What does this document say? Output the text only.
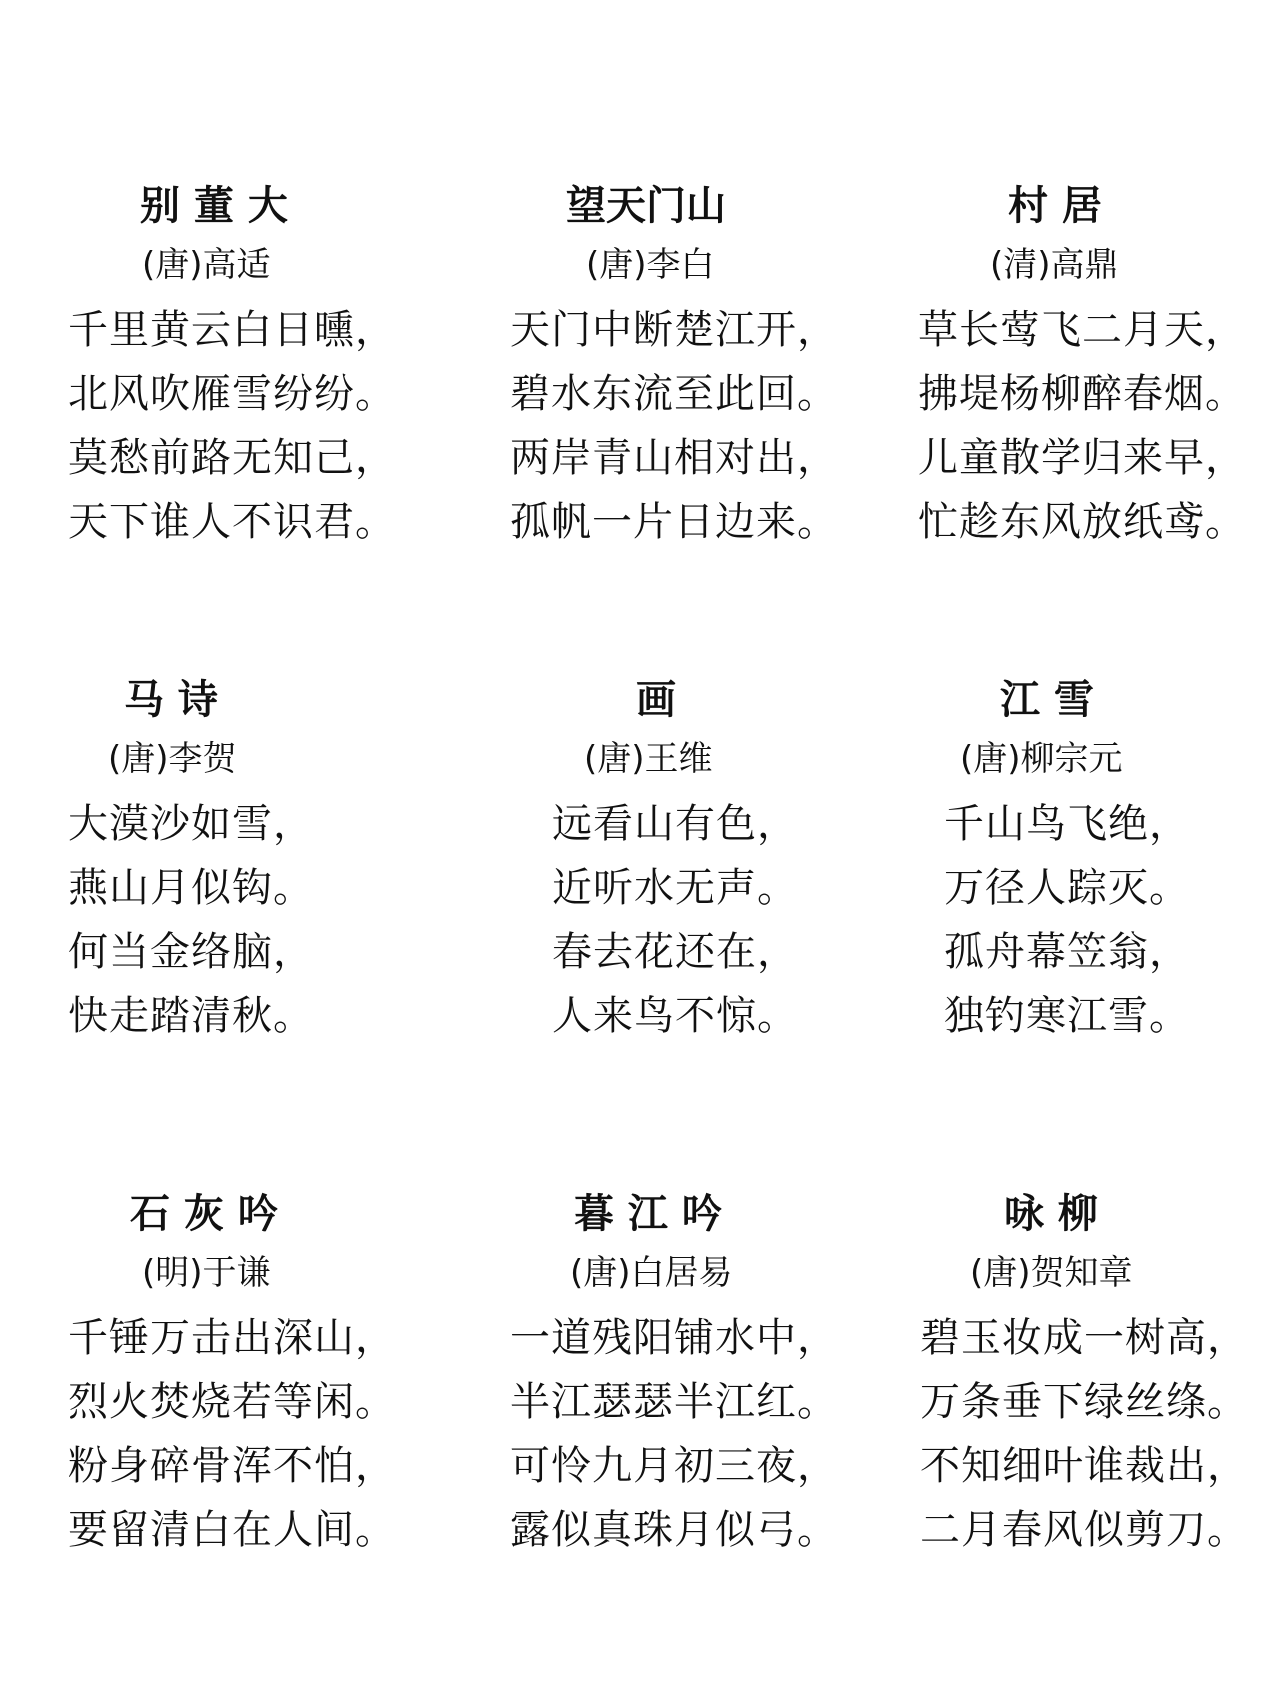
别 董 大
(唐)高适
千里黄云白日曛，
北风吹雁雪纷纷。
莫愁前路无知己，
天下谁人不识君。
望天门山
(唐)李白
天门中断楚江开，
碧水东流至此回。
两岸青山相对出，
孤帆一片日边来。
村 居
(清)高鼎
草长莺飞二月天，
拂堤杨柳醉春烟。
儿童散学归来早，
忙趁东风放纸鸢。
马 诗
(唐)李贺
大漠沙如雪，
燕山月似钩。
何当金络脑，
快走踏清秋。
画
(唐)王维
远看山有色，
近听水无声。
春去花还在，
人来鸟不惊。
江 雪
(唐)柳宗元
千山鸟飞绝，
万径人踪灭。
孤舟幕笠翁，
独钓寒江雪。
石 灰 吟
(明)于谦
千锤万击出深山，
烈火焚烧若等闲。
粉身碎骨浑不怕，
要留清白在人间。
暮 江 吟
(唐)白居易
一道残阳铺水中，
半江瑟瑟半江红。
可怜九月初三夜，
露似真珠月似弓。
咏 柳
(唐)贺知章
碧玉妆成一树高，
万条垂下绿丝绦。
不知细叶谁裁出，
二月春风似剪刀。
